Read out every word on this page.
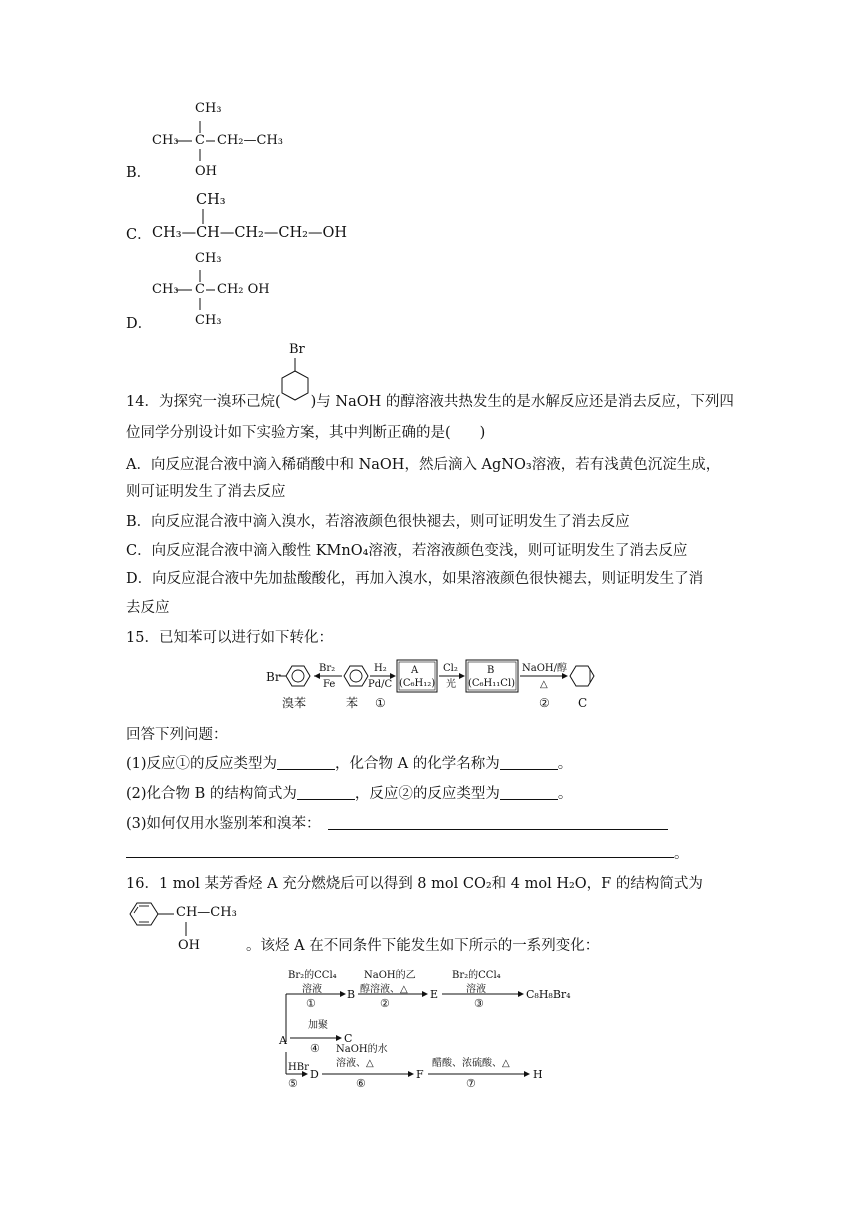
CH₃
CH₃ C CH₂—CH₃
OH
B．
CH₃
C． CH₃—CH—CH₂—CH₂—OH
CH₃
CH₃ C CH₂ OH
CH₃
D．
Br
14．为探究一溴环己烷( )与 NaOH 的醇溶液共热发生的是水解反应还是消去反应，下列四
位同学分别设计如下实验方案，其中判断正确的是(　　)
A．向反应混合液中滴入稀硝酸中和 NaOH，然后滴入 AgNO₃溶液，若有浅黄色沉淀生成，
则可证明发生了消去反应
B．向反应混合液中滴入溴水，若溶液颜色很快褪去，则可证明发生了消去反应
C．向反应混合液中滴入酸性 KMnO₄溶液，若溶液颜色变浅，则可证明发生了消去反应
D．向反应混合液中先加盐酸酸化，再加入溴水，如果溶液颜色很快褪去，则证明发生了消
去反应
15．已知苯可以进行如下转化：
Br
Br₂
Fe
H₂
Pd/C
A
(C₆H₁₂)
Cl₂
光
B
(C₆H₁₁Cl)
NaOH/醇
△
溴苯	苯 ①	② C
回答下列问题：
(1)反应①的反应类型为	，化合物 A 的化学名称为	。
(2)化合物 B 的结构简式为	，反应②的反应类型为	。
(3)如何仅用水鉴别苯和溴苯：
。
16．1 mol 某芳香烃 A 充分燃烧后可以得到 8 mol CO₂和 4 mol H₂O，F 的结构简式为
CH—CH₃
OH	。该烃 A 在不同条件下能发生如下所示的一系列变化：
Br₂的CCl₄
溶液
①
B
NaOH的乙
醇溶液、△
②
E
Br₂的CCl₄
溶液
③
C₈H₈Br₄
A
加聚
④
C
HBr
⑤
D
NaOH的水
溶液、△
⑥
F
醋酸、浓硫酸、△
⑦
H
